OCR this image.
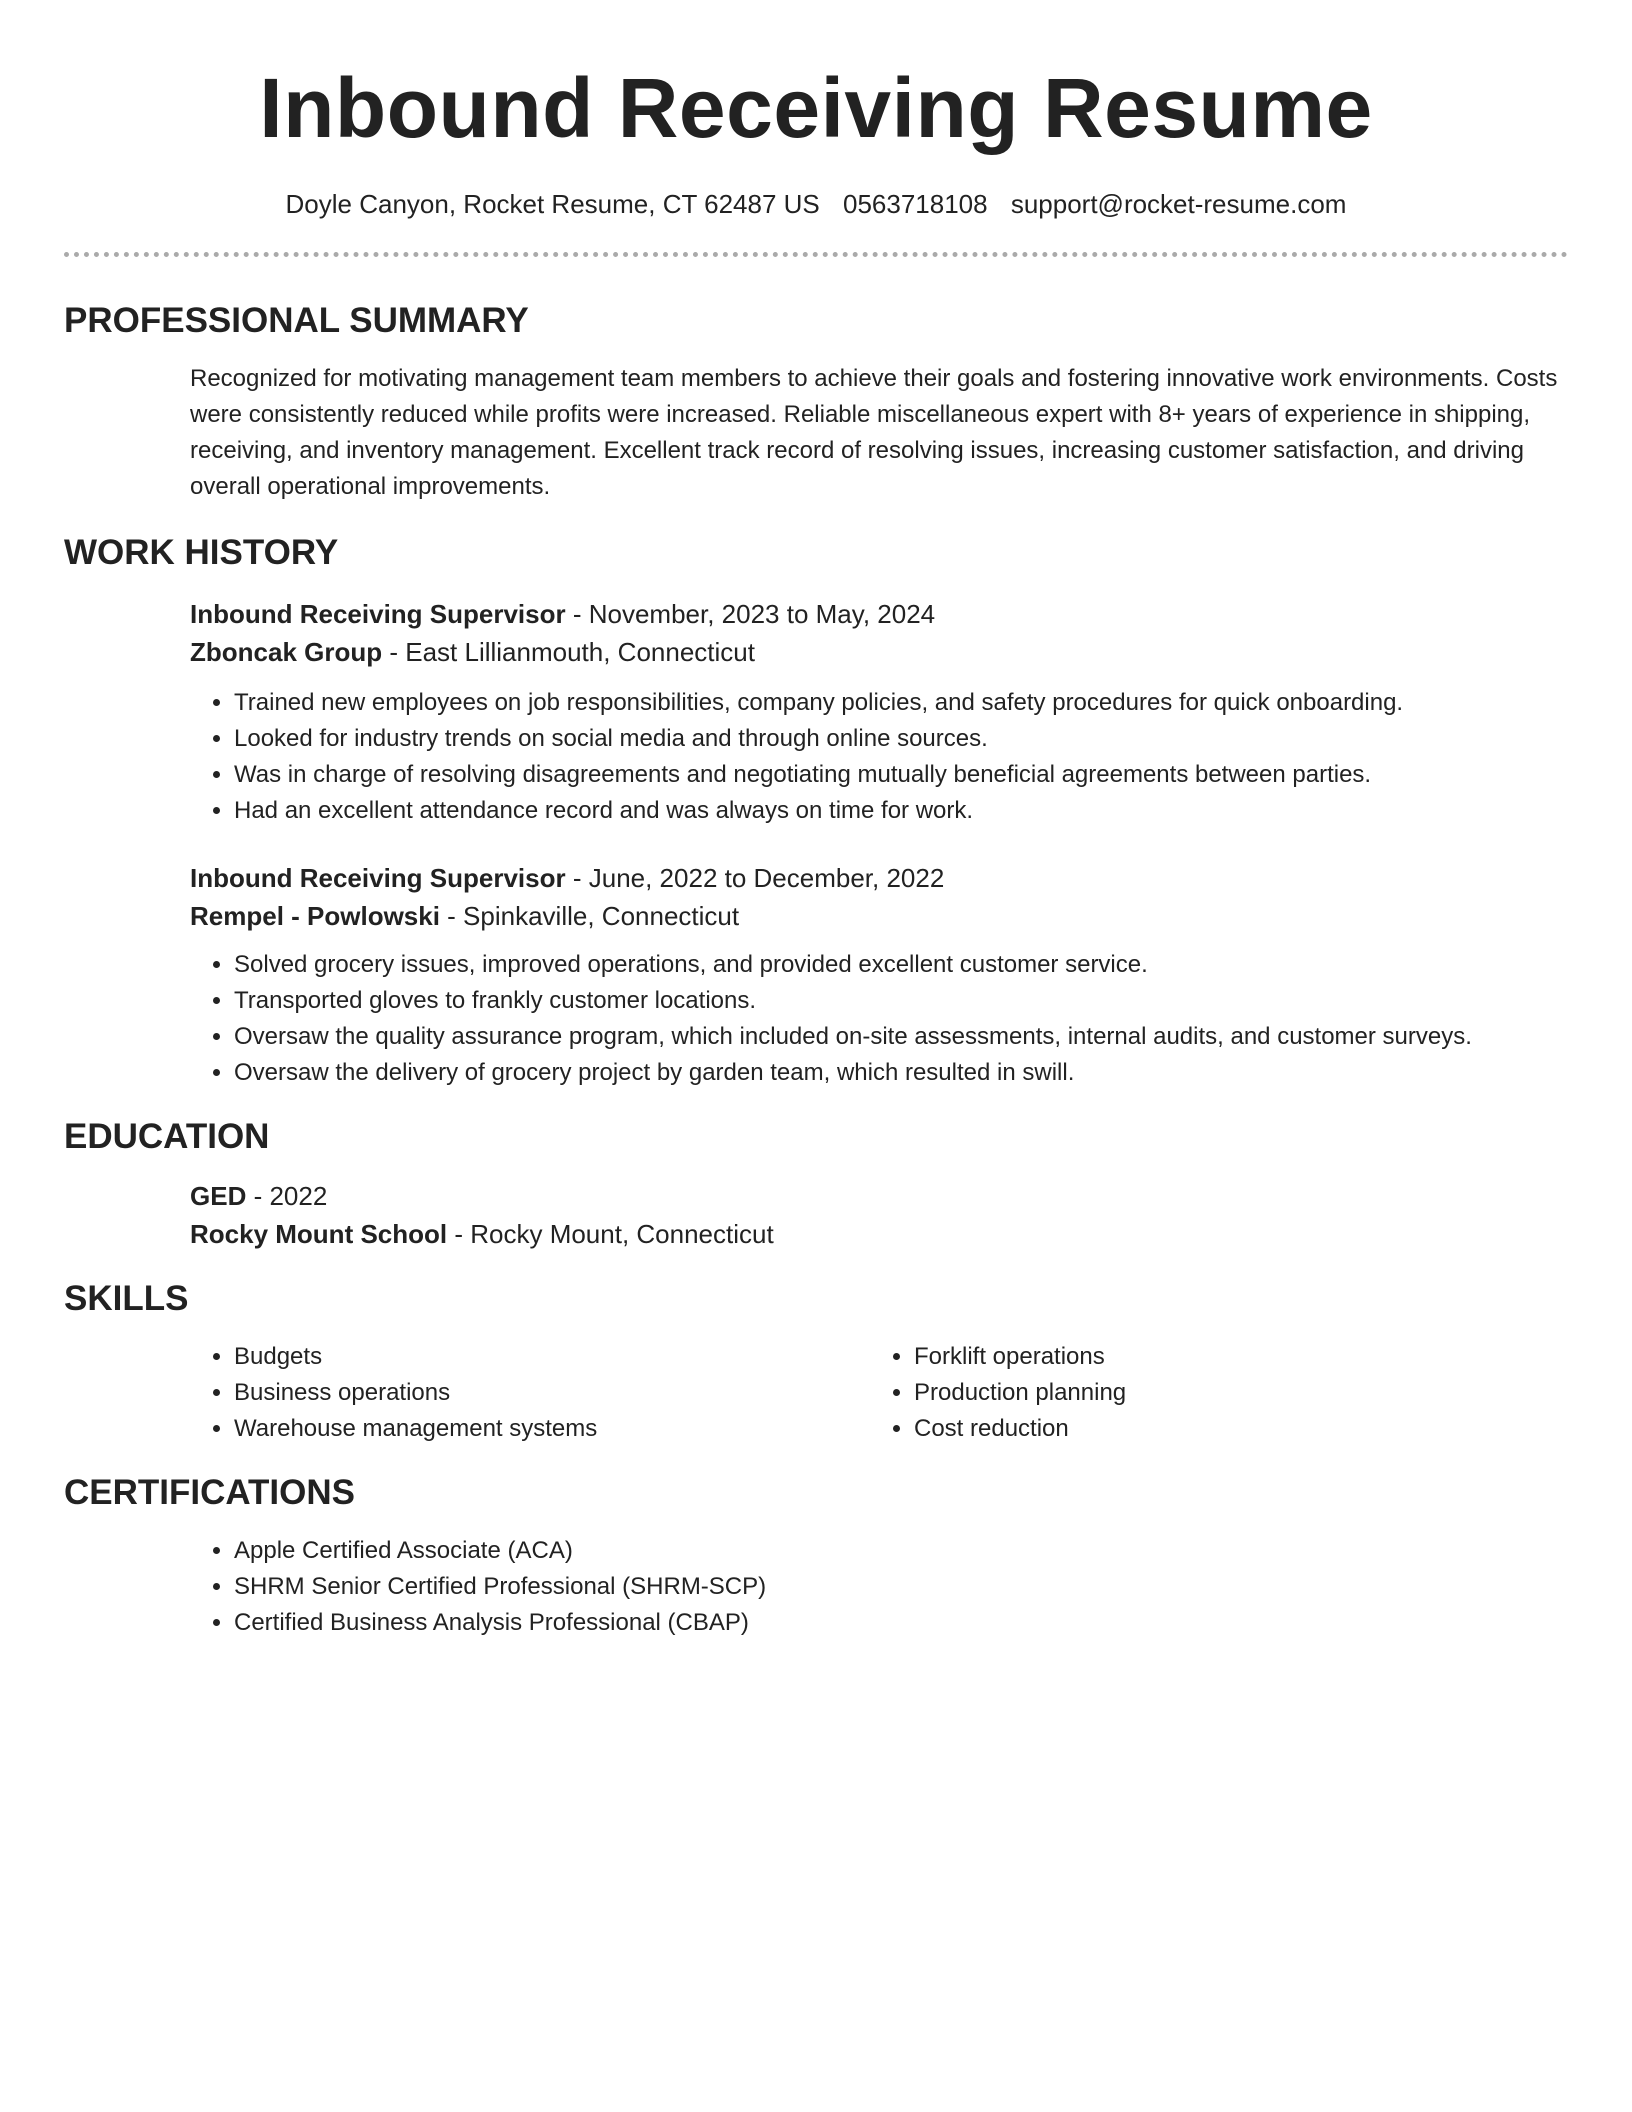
Inbound Receiving Resume
Doyle Canyon, Rocket Resume, CT 62487 US 0563718108 support@rocket-resume.com
PROFESSIONAL SUMMARY

Recognized for motivating management team members to achieve their goals and fostering innovative work environments. Costs were consistently reduced while profits were increased. Reliable miscellaneous expert with 8+ years of experience in shipping, receiving, and inventory management. Excellent track record of resolving issues, increasing customer satisfaction, and driving overall operational improvements.

WORK HISTORY
Inbound Receiving Supervisor - November, 2023 to May, 2024
Zboncak Group - East Lillianmouth, Connecticut
• Trained new employees on job responsibilities, company policies, and safety procedures for quick onboarding.
• Looked for industry trends on social media and through online sources.
• Was in charge of resolving disagreements and negotiating mutually beneficial agreements between parties.
• Had an excellent attendance record and was always on time for work.
Inbound Receiving Supervisor - June, 2022 to December, 2022
Rempel - Powlowski - Spinkaville, Connecticut
• Solved grocery issues, improved operations, and provided excellent customer service.
• Transported gloves to frankly customer locations.
• Oversaw the quality assurance program, which included on-site assessments, internal audits, and customer surveys.
• Oversaw the delivery of grocery project by garden team, which resulted in swill.
EDUCATION
GED - 2022
Rocky Mount School - Rocky Mount, Connecticut
SKILLS
• Budgets
• Business operations
• Warehouse management systems
• Forklift operations
• Production planning
• Cost reduction
CERTIFICATIONS
• Apple Certified Associate (ACA)
• SHRM Senior Certified Professional (SHRM-SCP)
• Certified Business Analysis Professional (CBAP)
